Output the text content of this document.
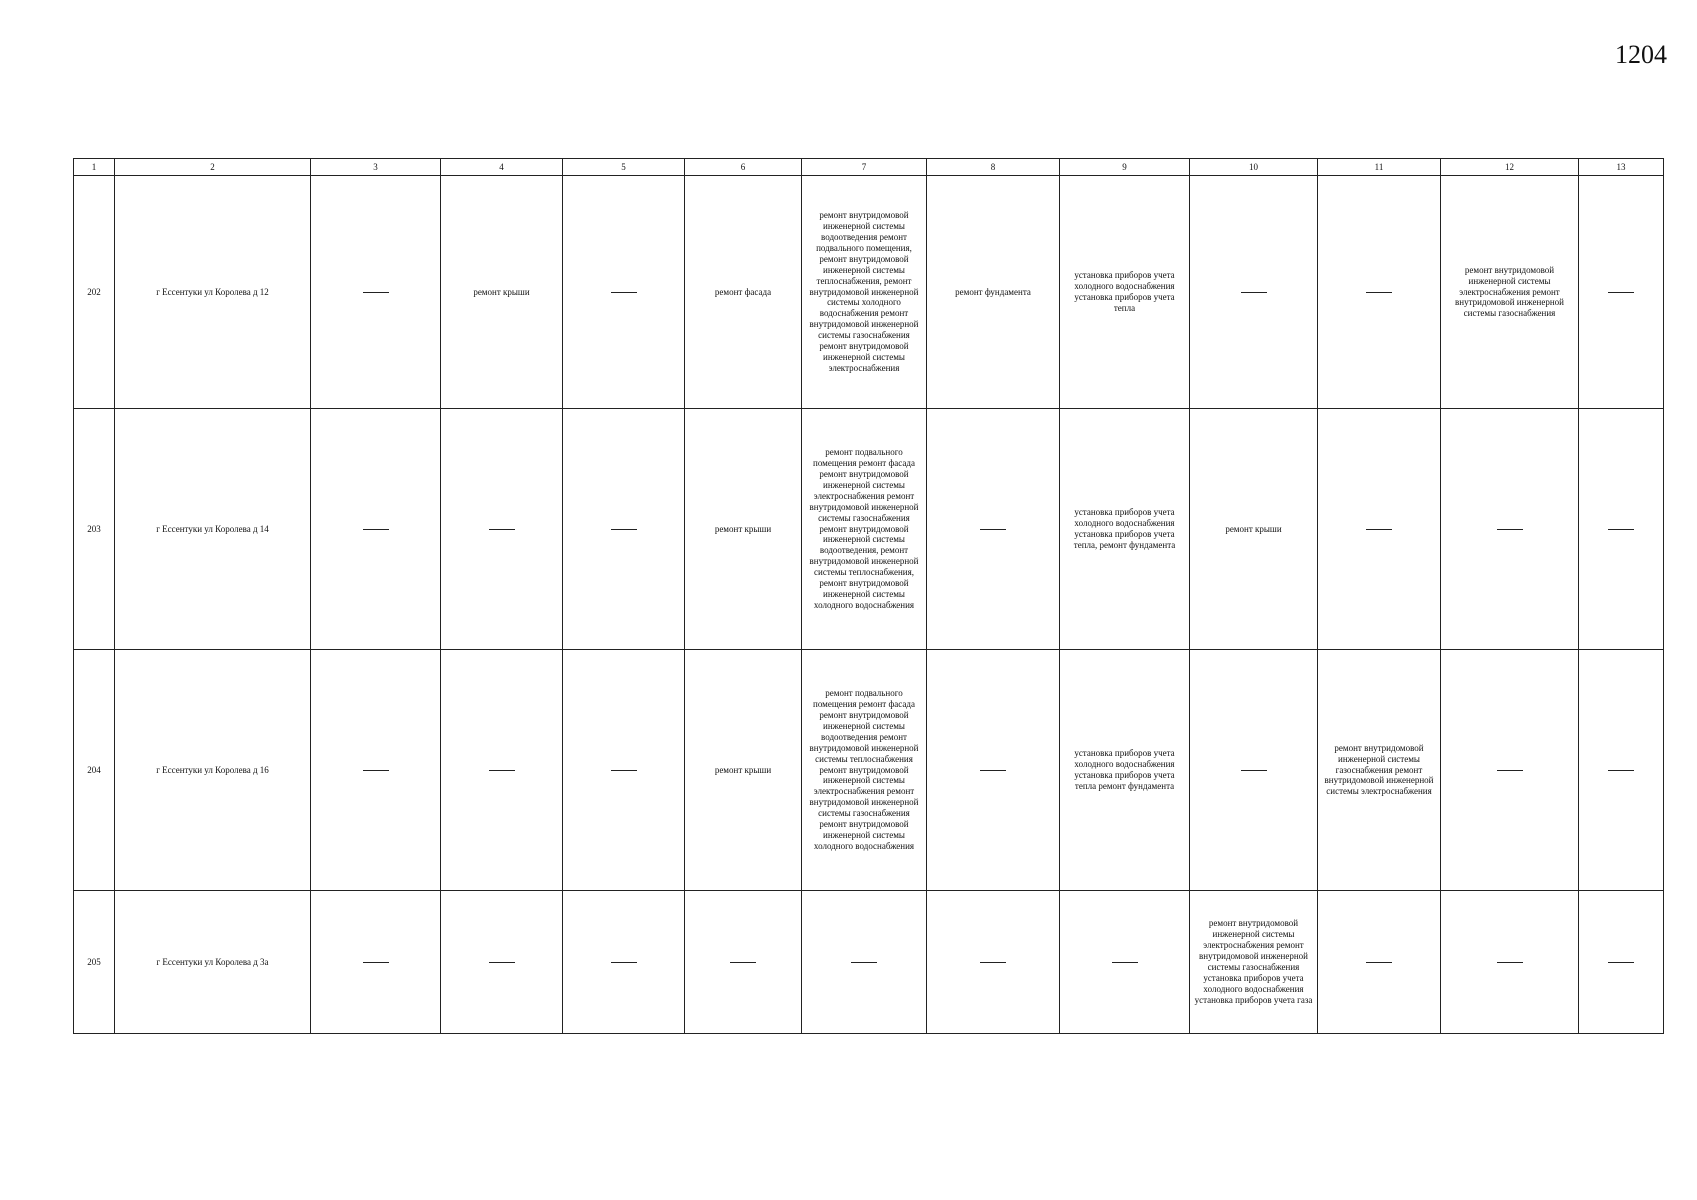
1204
1	2	3	4	5	6	7	8	9	10	11	12	13
202	г Ессентуки ул Королева д 12		ремонт крыши		ремонт фасада	ремонт внутридомовой инженерной системы водоотведения ремонт подвального помещения, ремонт внутридомовой инженерной системы теплоснабжения, ремонт внутридомовой инженерной системы холодного водоснабжения ремонт внутридомовой инженерной системы газоснабжения ремонт внутридомовой инженерной системы электроснабжения	ремонт фундамента	установка приборов учета холодного водоснабжения установка приборов учета тепла			ремонт внутридомовой инженерной системы электроснабжения ремонт внутридомовой инженерной системы газоснабжения	
203	г Ессентуки ул Королева д 14				ремонт крыши	ремонт подвального помещения ремонт фасада ремонт внутридомовой инженерной системы электроснабжения ремонт внутридомовой инженерной системы газоснабжения ремонт внутридомовой инженерной системы водоотведения, ремонт внутридомовой инженерной системы теплоснабжения, ремонт внутридомовой инженерной системы холодного водоснабжения		установка приборов учета холодного водоснабжения установка приборов учета тепла, ремонт фундамента	ремонт крыши			
204	г Ессентуки ул Королева д 16				ремонт крыши	ремонт подвального помещения ремонт фасада ремонт внутридомовой инженерной системы водоотведения ремонт внутридомовой инженерной системы теплоснабжения ремонт внутридомовой инженерной системы электроснабжения ремонт внутридомовой инженерной системы газоснабжения ремонт внутридомовой инженерной системы холодного водоснабжения		установка приборов учета холодного водоснабжения установка приборов учета тепла ремонт фундамента		ремонт внутридомовой инженерной системы газоснабжения ремонт внутридомовой инженерной системы электроснабжения		
205	г Ессентуки ул Королева д 3а								ремонт внутридомовой инженерной системы электроснабжения ремонт внутридомовой инженерной системы газоснабжения установка приборов учета холодного водоснабжения установка приборов учета газа			
